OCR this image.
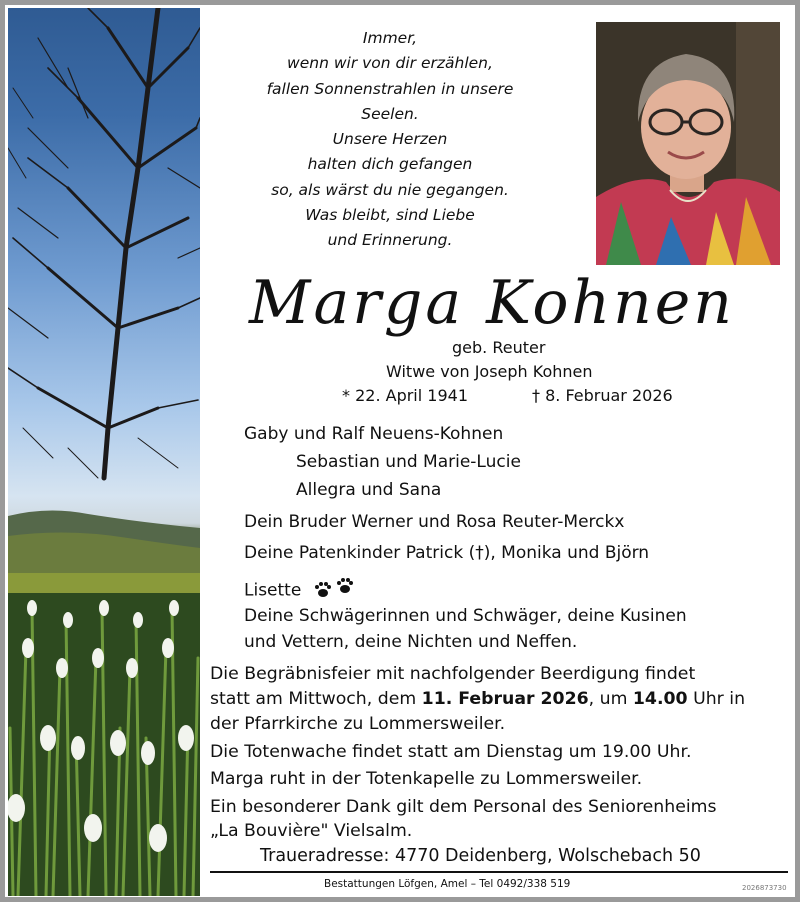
Immer,
wenn wir von dir erzählen,
fallen Sonnenstrahlen in unsere
Seelen.
Unsere Herzen
halten dich gefangen
so, als wärst du nie gegangen.
Was bleibt, sind Liebe
und Erinnerung.
Marga Kohnen
geb. Reuter
Witwe von Joseph Kohnen
* 22. April 1941	† 8. Februar 2026
Gaby und Ralf Neuens-Kohnen
Sebastian und Marie-Lucie
Allegra und Sana
Dein Bruder Werner und Rosa Reuter-Merckx
Deine Patenkinder Patrick (†), Monika und Björn
Lisette
Deine Schwägerinnen und Schwäger, deine Kusinen
und Vettern, deine Nichten und Neffen.
Die Begräbnisfeier mit nachfolgender Beerdigung findet
statt am Mittwoch, dem 11. Februar 2026, um 14.00 Uhr in
der Pfarrkirche zu Lommersweiler.
Die Totenwache findet statt am Dienstag um 19.00 Uhr.
Marga ruht in der Totenkapelle zu Lommersweiler.
Ein besonderer Dank gilt dem Personal des Seniorenheims
„La Bouvière" Vielsalm.
Traueradresse: 4770 Deidenberg, Wolschebach 50
Bestattungen Löfgen, Amel – Tel 0492/338 519	2026873730
